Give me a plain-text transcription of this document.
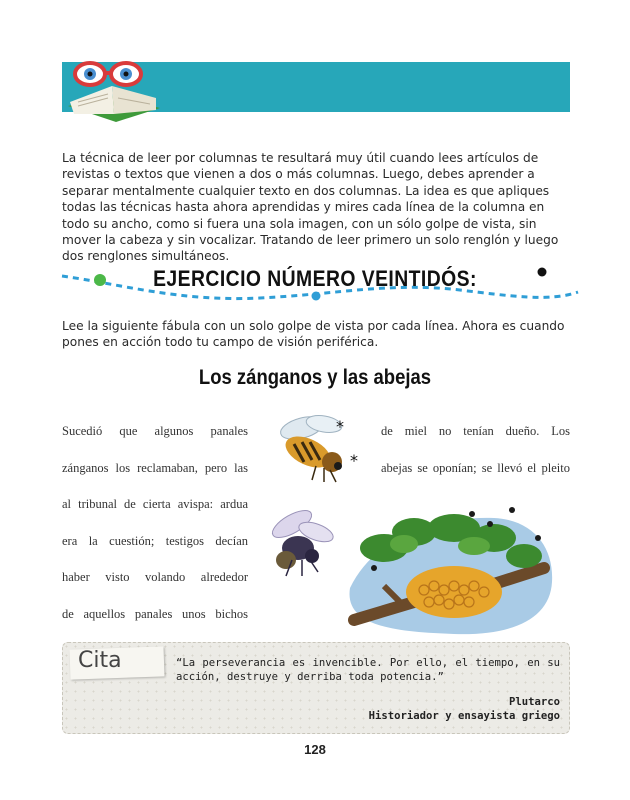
TÉCNICA DE LECTURA NÚMERO 8:
Distribución de texto tipo revista
La técnica de leer por columnas te resultará muy útil cuando lees artículos de revistas o textos que vienen a dos o más columnas. Luego, debes aprender a separar mentalmente cualquier texto en dos columnas. La idea es que apliques todas las técnicas hasta ahora aprendidas y mires cada línea de la columna en todo su ancho, como si fuera una sola imagen, con un sólo golpe de vista, sin mover la cabeza y sin vocalizar. Tratando de leer primero un solo renglón y luego dos renglones simultáneos.
EJERCICIO NÚMERO VEINTIDÓS:
Lee la siguiente fábula con un solo golpe de vista por cada línea. Ahora es cuando pones en acción todo tu campo de visión periférica.
Los zánganos y las abejas
Sucedió que algunos panales
zánganos los reclamaban, pero las
al tribunal de cierta avispa: ardua
era la cuestión; testigos decían
haber visto volando alrededor
de aquellos panales unos bichos
de miel no tenían dueño. Los
abejas se oponían; se llevó el pleito
*
*
Cita	“La perseverancia es invencible. Por ello, el tiempo, en su acción, destruye y derriba toda potencia.”
Plutarco
Historiador y ensayista griego
128
